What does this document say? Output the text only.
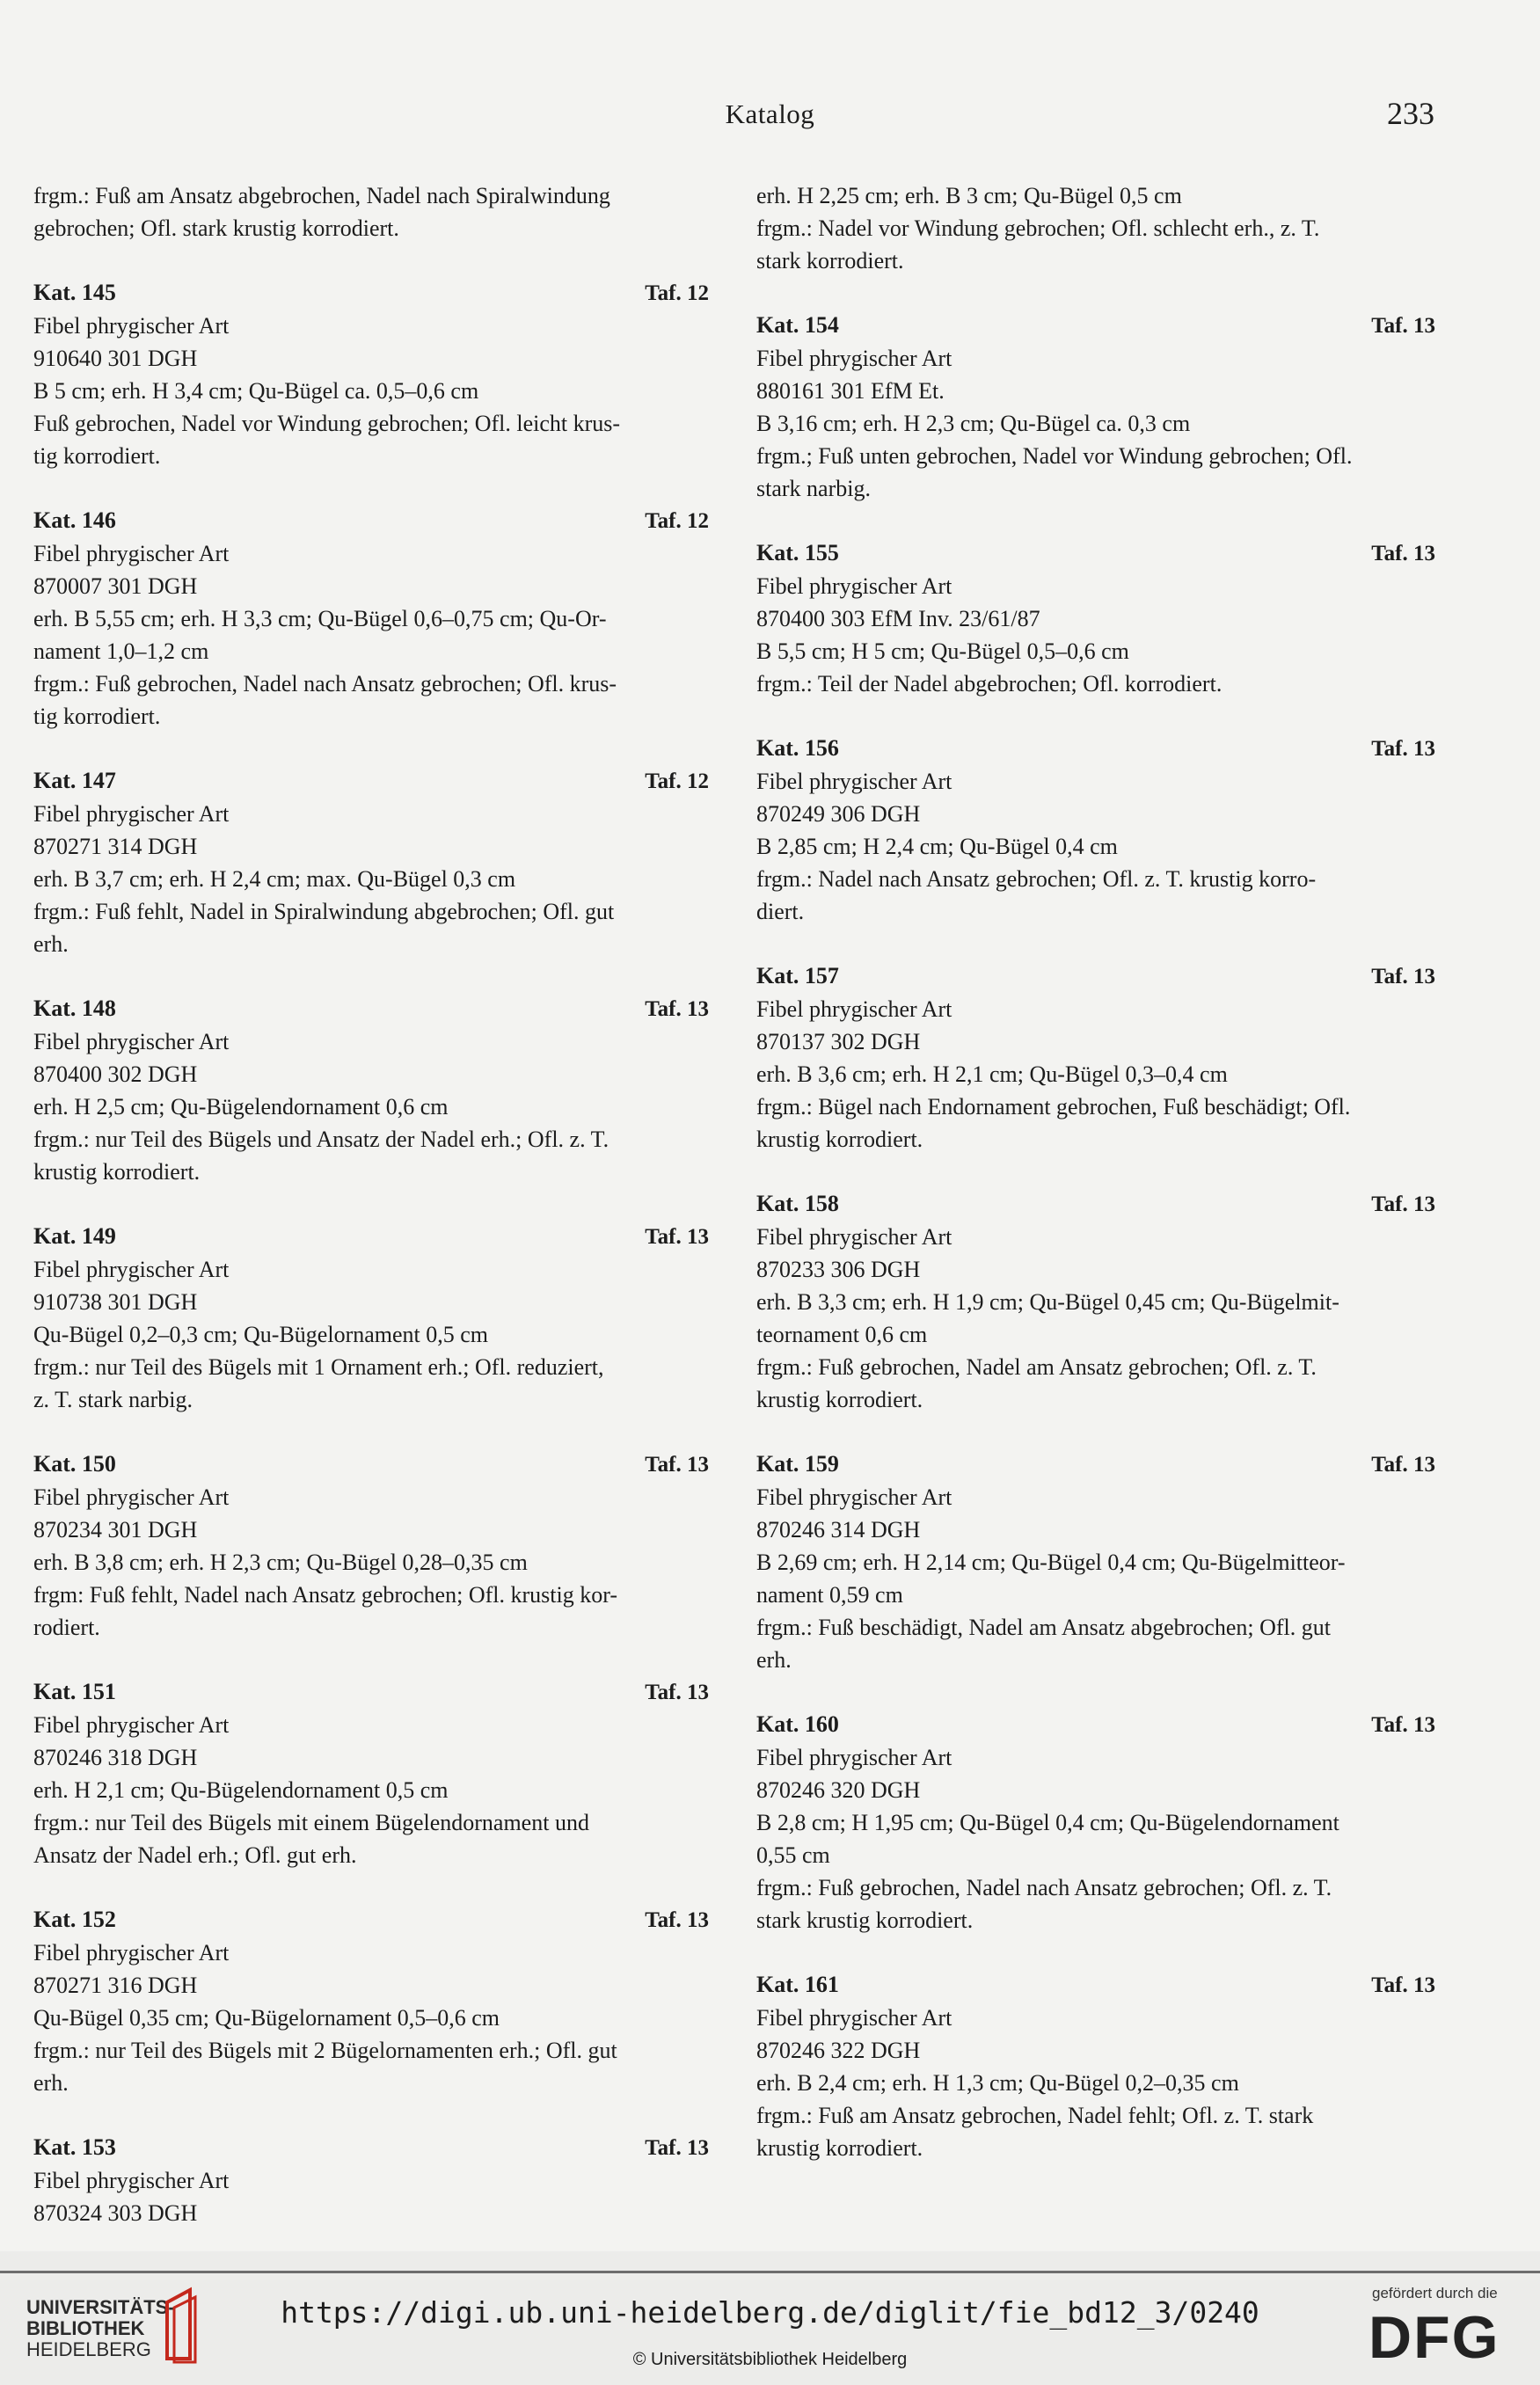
Katalog	233
frgm.: Fuß am Ansatz abgebrochen, Nadel nach Spiralwindung
gebrochen; Ofl. stark krustig korrodiert.
Kat. 145	Taf. 12
Fibel phrygischer Art
910640 301 DGH
B 5 cm; erh. H 3,4 cm; Qu-Bügel ca. 0,5–0,6 cm
Fuß gebrochen, Nadel vor Windung gebrochen; Ofl. leicht krus-
tig korrodiert.
Kat. 146	Taf. 12
Fibel phrygischer Art
870007 301 DGH
erh. B 5,55 cm; erh. H 3,3 cm; Qu-Bügel 0,6–0,75 cm; Qu-Or-
nament 1,0–1,2 cm
frgm.: Fuß gebrochen, Nadel nach Ansatz gebrochen; Ofl. krus-
tig korrodiert.
Kat. 147	Taf. 12
Fibel phrygischer Art
870271 314 DGH
erh. B 3,7 cm; erh. H 2,4 cm; max. Qu-Bügel 0,3 cm
frgm.: Fuß fehlt, Nadel in Spiralwindung abgebrochen; Ofl. gut
erh.
Kat. 148	Taf. 13
Fibel phrygischer Art
870400 302 DGH
erh. H 2,5 cm; Qu-Bügelendornament 0,6 cm
frgm.: nur Teil des Bügels und Ansatz der Nadel erh.; Ofl. z. T.
krustig korrodiert.
Kat. 149	Taf. 13
Fibel phrygischer Art
910738 301 DGH
Qu-Bügel 0,2–0,3 cm; Qu-Bügelornament 0,5 cm
frgm.: nur Teil des Bügels mit 1 Ornament erh.; Ofl. reduziert,
z. T. stark narbig.
Kat. 150	Taf. 13
Fibel phrygischer Art
870234 301 DGH
erh. B 3,8 cm; erh. H 2,3 cm; Qu-Bügel 0,28–0,35 cm
frgm: Fuß fehlt, Nadel nach Ansatz gebrochen; Ofl. krustig kor-
rodiert.
Kat. 151	Taf. 13
Fibel phrygischer Art
870246 318 DGH
erh. H 2,1 cm; Qu-Bügelendornament 0,5 cm
frgm.: nur Teil des Bügels mit einem Bügelendornament und
Ansatz der Nadel erh.; Ofl. gut erh.
Kat. 152	Taf. 13
Fibel phrygischer Art
870271 316 DGH
Qu-Bügel 0,35 cm; Qu-Bügelornament 0,5–0,6 cm
frgm.: nur Teil des Bügels mit 2 Bügelornamenten erh.; Ofl. gut
erh.
Kat. 153	Taf. 13
Fibel phrygischer Art
870324 303 DGH
erh. H 2,25 cm; erh. B 3 cm; Qu-Bügel 0,5 cm
frgm.: Nadel vor Windung gebrochen; Ofl. schlecht erh., z. T.
stark korrodiert.
Kat. 154	Taf. 13
Fibel phrygischer Art
880161 301 EfM Et.
B 3,16 cm; erh. H 2,3 cm; Qu-Bügel ca. 0,3 cm
frgm.; Fuß unten gebrochen, Nadel vor Windung gebrochen; Ofl.
stark narbig.
Kat. 155	Taf. 13
Fibel phrygischer Art
870400 303 EfM Inv. 23/61/87
B 5,5 cm; H 5 cm; Qu-Bügel 0,5–0,6 cm
frgm.: Teil der Nadel abgebrochen; Ofl. korrodiert.
Kat. 156	Taf. 13
Fibel phrygischer Art
870249 306 DGH
B 2,85 cm; H 2,4 cm; Qu-Bügel 0,4 cm
frgm.: Nadel nach Ansatz gebrochen; Ofl. z. T. krustig korro-
diert.
Kat. 157	Taf. 13
Fibel phrygischer Art
870137 302 DGH
erh. B 3,6 cm; erh. H 2,1 cm; Qu-Bügel 0,3–0,4 cm
frgm.: Bügel nach Endornament gebrochen, Fuß beschädigt; Ofl.
krustig korrodiert.
Kat. 158	Taf. 13
Fibel phrygischer Art
870233 306 DGH
erh. B 3,3 cm; erh. H 1,9 cm; Qu-Bügel 0,45 cm; Qu-Bügelmit-
teornament 0,6 cm
frgm.: Fuß gebrochen, Nadel am Ansatz gebrochen; Ofl. z. T.
krustig korrodiert.
Kat. 159	Taf. 13
Fibel phrygischer Art
870246 314 DGH
B 2,69 cm; erh. H 2,14 cm; Qu-Bügel 0,4 cm; Qu-Bügelmitteor-
nament 0,59 cm
frgm.: Fuß beschädigt, Nadel am Ansatz abgebrochen; Ofl. gut
erh.
Kat. 160	Taf. 13
Fibel phrygischer Art
870246 320 DGH
B 2,8 cm; H 1,95 cm; Qu-Bügel 0,4 cm; Qu-Bügelendornament
0,55 cm
frgm.: Fuß gebrochen, Nadel nach Ansatz gebrochen; Ofl. z. T.
stark krustig korrodiert.
Kat. 161	Taf. 13
Fibel phrygischer Art
870246 322 DGH
erh. B 2,4 cm; erh. H 1,3 cm; Qu-Bügel 0,2–0,35 cm
frgm.: Fuß am Ansatz gebrochen, Nadel fehlt; Ofl. z. T. stark
krustig korrodiert.
UNIVERSITÄTS-
BIBLIOTHEK
HEIDELBERG
https://digi.ub.uni-heidelberg.de/diglit/fie_bd12_3/0240
© Universitätsbibliothek Heidelberg
gefördert durch die
DFG
